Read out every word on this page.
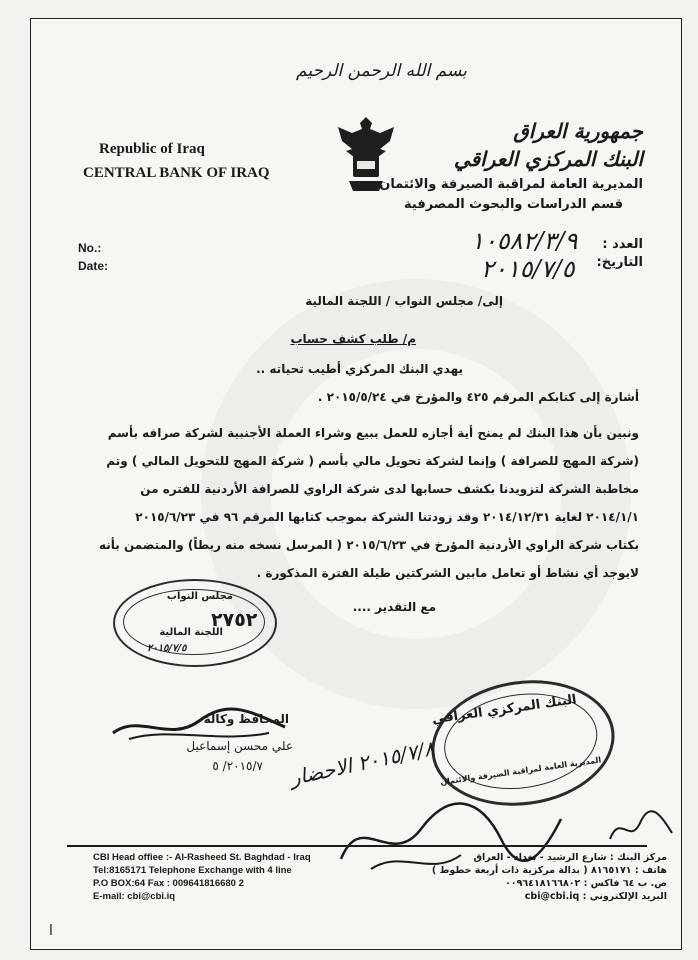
بسم الله الرحمن الرحيم
Republic of Iraq
CENTRAL BANK OF IRAQ
جمهورية العراق
البنك المركزي العراقي
المديرية العامة لمراقبة الصيرفة والائتمان
قسم الدراسات والبحوث المصرفية
No.:
Date:
العدد :
التاريخ:
١٠٥٨٢/٣/٩
٢٠١٥/٧/٥
إلى/ مجلس النواب / اللجنة المالية
م/ طلب كشف حساب
يهدي البنك المركزي أطيب تحياته ..
أشارة إلى كتابكم المرقم ٤٢٥ والمؤرخ في ٢٠١٥/٥/٢٤ .
ونبين بأن هذا البنك لم يمنح أية أجازه للعمل ببيع وشراء العملة الأجنبية لشركة صرافه بأسم
(شركة المهج للصرافة ) وإنما لشركة تحويل مالي بأسم ( شركة المهج للتحويل المالي ) وتم
مخاطبة الشركة لتزويدنا بكشف حسابها لدى شركة الراوي للصرافة الأردنية للفتره من
٢٠١٤/١/١ لغاية ٢٠١٤/١٢/٣١ وقد زودتنا الشركة بموجب كتابها المرقم ٩٦ في ٢٠١٥/٦/٢٣
بكتاب شركة الراوي الأردنية المؤرخ في ٢٠١٥/٦/٢٣ ( المرسل نسخه منه ربطاً) والمتضمن بأنه
لايوجد أي نشاط أو تعامل مابين الشركتين طيلة الفترة المذكورة .
مع التقدير ....
مجلس النواب
٢٧٥٢
اللجنة المالية
٢٠١٥/٧/٥
البنك المركزي العراقي
المديرية العامة لمراقبة الصيرفة والائتمان
المحافظ وكالة
علي محسن إسماعيل
٢٠١٥/٧/ ٥ ٢٠١٥/٧/٨ الاحضار
CBI Head offiee :- Al-Rasheed St. Baghdad - Iraq
Tel:8165171 Telephone Exchange with 4 line
P.O BOX:64 Fax : 009641816680 2
E-mail: cbi@cbi.iq
مركز البنك : شارع الرشيد - بغداد - العراق
هاتف : ٨١٦٥١٧١ ( بدالة مركزية ذات أربعة خطوط )
ص. ب ٦٤ فاكس : ٠٠٩٦٤١٨١٦٦٨٠٢
البريد الإلكتروني : cbi@cbi.iq
l
